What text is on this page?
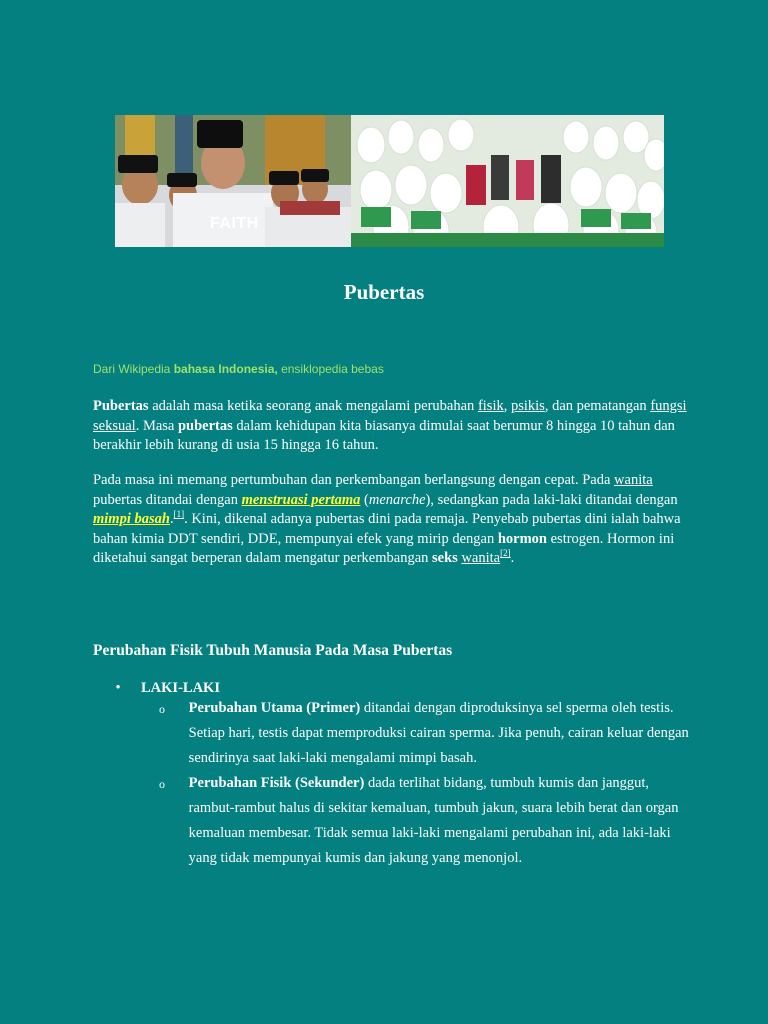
FAITH
Pubertas

Dari Wikipedia bahasa Indonesia, ensiklopedia bebas

Pubertas adalah masa ketika seorang anak mengalami perubahan fisik, psikis, dan pematangan fungsi seksual. Masa pubertas dalam kehidupan kita biasanya dimulai saat berumur 8 hingga 10 tahun dan berakhir lebih kurang di usia 15 hingga 16 tahun.

Pada masa ini memang pertumbuhan dan perkembangan berlangsung dengan cepat. Pada wanita pubertas ditandai dengan menstruasi pertama (menarche), sedangkan pada laki-laki ditandai dengan mimpi basah.[1]. Kini, dikenal adanya pubertas dini pada remaja. Penyebab pubertas dini ialah bahwa bahan kimia DDT sendiri, DDE, mempunyai efek yang mirip dengan hormon estrogen. Hormon ini diketahui sangat berperan dalam mengatur perkembangan seks wanita[2].

Perubahan Fisik Tubuh Manusia Pada Masa Pubertas
•	LAKI-LAKI
o	Perubahan Utama (Primer) ditandai dengan diproduksinya sel sperma oleh testis. Setiap hari, testis dapat memproduksi cairan sperma. Jika penuh, cairan keluar dengan sendirinya saat laki-laki mengalami mimpi basah.
o	Perubahan Fisik (Sekunder) dada terlihat bidang, tumbuh kumis dan janggut, rambut-rambut halus di sekitar kemaluan, tumbuh jakun, suara lebih berat dan organ kemaluan membesar. Tidak semua laki-laki mengalami perubahan ini, ada laki-laki yang tidak mempunyai kumis dan jakung yang menonjol.
